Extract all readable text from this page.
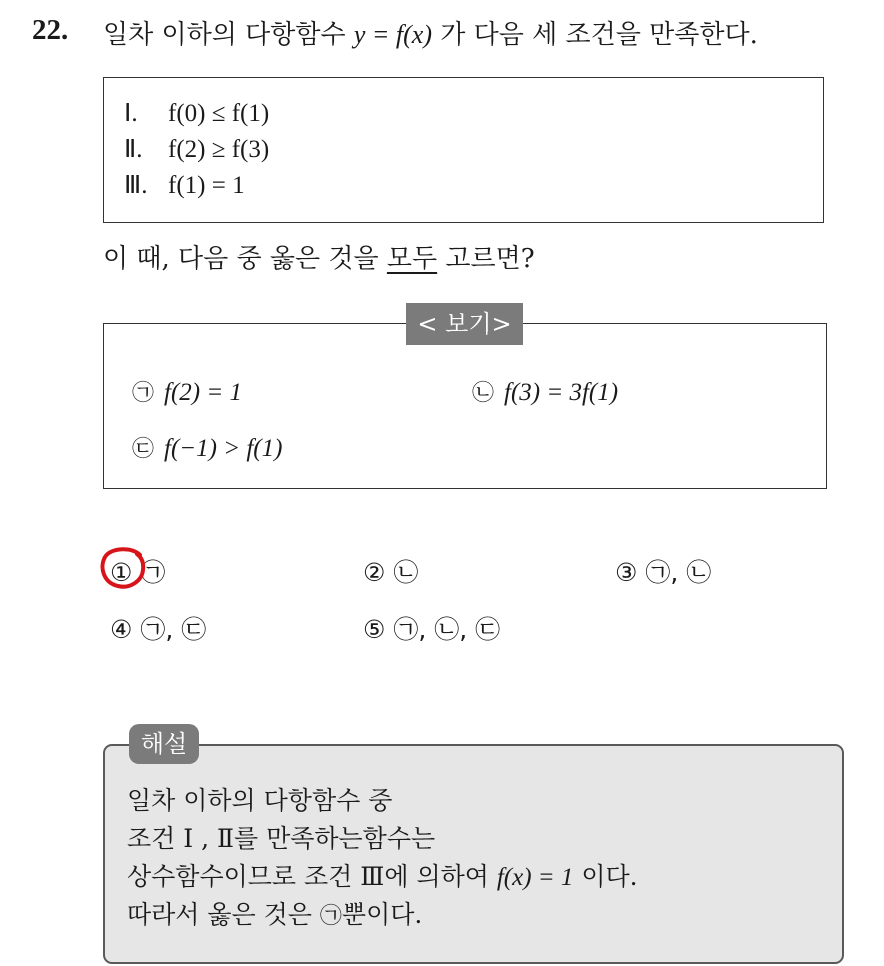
22. 일차 이하의 다항함수 y = f(x) 가 다음 세 조건을 만족한다.
Ⅰ. f(0) ≤ f(1)
Ⅱ. f(2) ≥ f(3)
Ⅲ. f(1) = 1
이 때, 다음 중 옳은 것을 모두 고르면?
㉠ f(2) = 1	㉡ f(3) = 3f(1)
㉢ f(−1) > f(1)
< 보기>
① ㉠	② ㉡	③ ㉠, ㉡
④ ㉠, ㉢	⑤ ㉠, ㉡, ㉢
해설
일차 이하의 다항함수 중
조건 Ⅰ , Ⅱ를 만족하는함수는
상수함수이므로 조건 Ⅲ에 의하여 f(x) = 1 이다.
따라서 옳은 것은 ㉠뿐이다.
